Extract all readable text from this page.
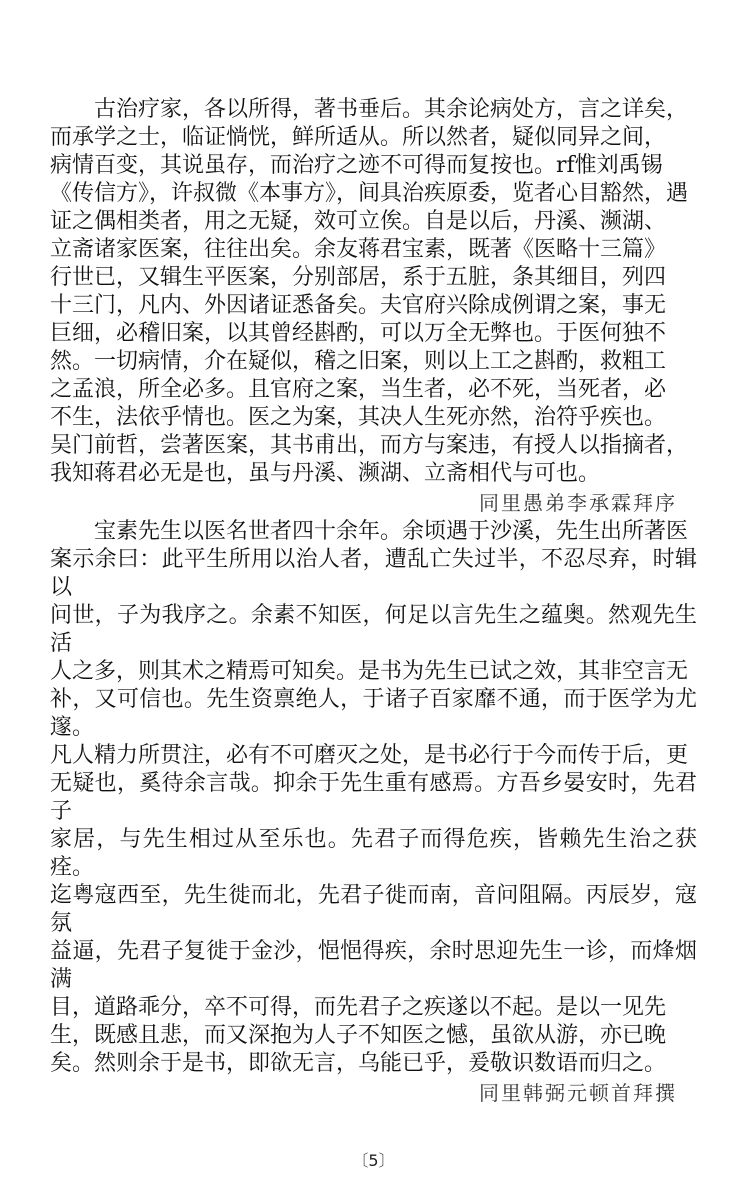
古治疗家，各以所得，著书垂后。其余论病处方，言之详矣，
而承学之士，临证惝恍，鲜所适从。所以然者，疑似同异之间，
病情百变，其说虽存，而治疗之迹不可得而复按也。rf惟刘禹锡
《传信方》，许叔微《本事方》，间具治疾原委，览者心目豁然，遇
证之偶相类者，用之无疑，效可立俟。自是以后，丹溪、濒湖、
立斋诸家医案，往往出矣。余友蒋君宝素，既著《医略十三篇》
行世已，又辑生平医案，分别部居，系于五脏，条其细目，列四
十三门，凡内、外因诸证悉备矣。夫官府兴除成例谓之案，事无
巨细，必稽旧案，以其曾经斟酌，可以万全无弊也。于医何独不
然。一切病情，介在疑似，稽之旧案，则以上工之斟酌，救粗工
之孟浪，所全必多。且官府之案，当生者，必不死，当死者，必
不生，法依乎情也。医之为案，其决人生死亦然，治符乎疾也。
吴门前哲，尝著医案，其书甫出，而方与案违，有授人以指摘者，
我知蒋君必无是也，虽与丹溪、濒湖、立斋相代与可也。
同里愚弟李承霖拜序
宝素先生以医名世者四十余年。余顷遇于沙溪，先生出所著医
案示余曰：此平生所用以治人者，遭乱亡失过半，不忍尽弃，时辑以
问世，子为我序之。余素不知医，何足以言先生之蕴奥。然观先生活
人之多，则其术之精焉可知矣。是书为先生已试之效，其非空言无
补，又可信也。先生资禀绝人，于诸子百家靡不通，而于医学为尤邃。
凡人精力所贯注，必有不可磨灭之处，是书必行于今而传于后，更
无疑也，奚待余言哉。抑余于先生重有感焉。方吾乡晏安时，先君子
家居，与先生相过从至乐也。先君子而得危疾，皆赖先生治之获痊。
迄粤寇西至，先生徙而北，先君子徙而南，音问阻隔。丙辰岁，寇氛
益逼，先君子复徙于金沙，悒悒得疾，余时思迎先生一诊，而烽烟满
目，道路乖分，卒不可得，而先君子之疾遂以不起。是以一见先
生，既感且悲，而又深抱为人子不知医之憾，虽欲从游，亦已晚
矣。然则余于是书，即欲无言，乌能已乎，爰敬识数语而归之。
同里韩弼元顿首拜撰
〔5〕
